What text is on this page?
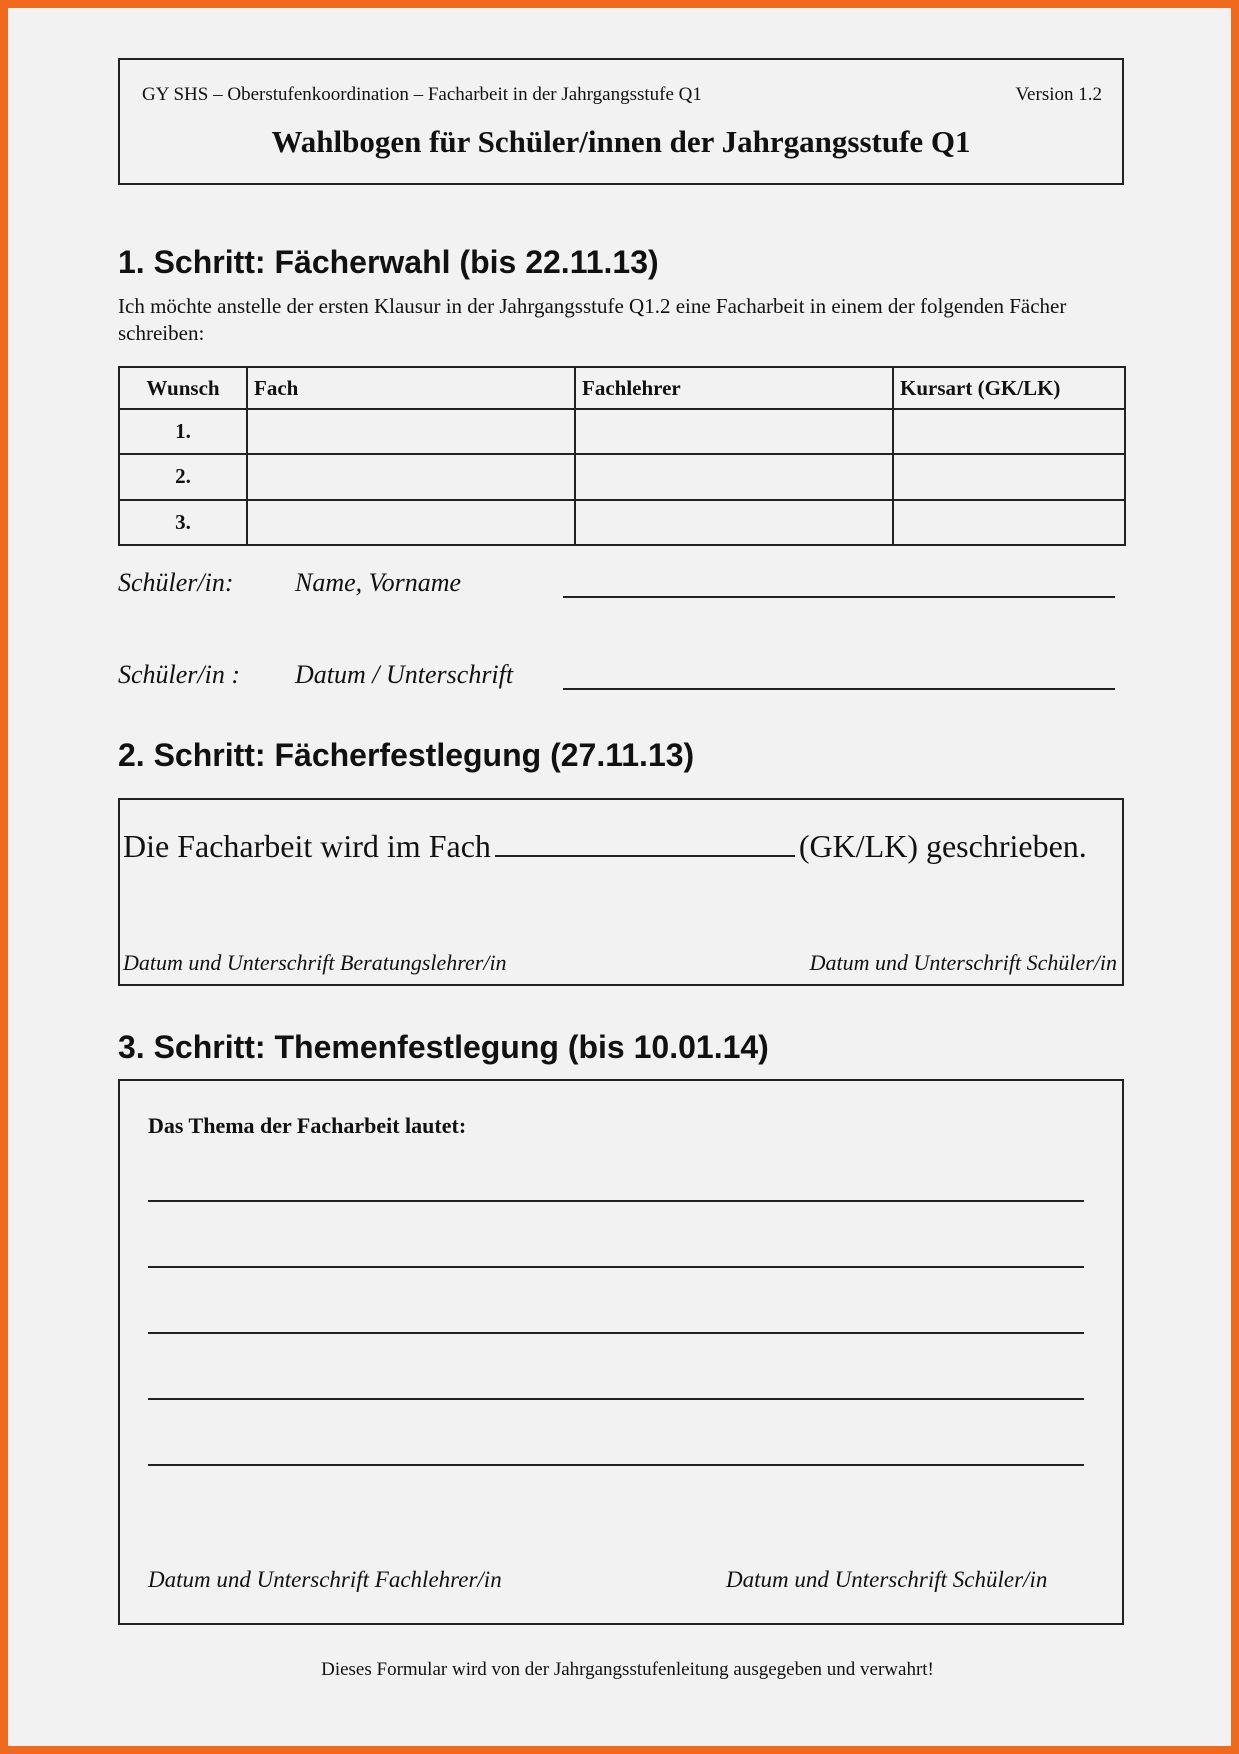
GY SHS – Oberstufenkoordination – Facharbeit in der Jahrgangsstufe Q1	Version 1.2
Wahlbogen für Schüler/innen der Jahrgangsstufe Q1
1. Schritt: Fächerwahl (bis 22.11.13)
Ich möchte anstelle der ersten Klausur in der Jahrgangsstufe Q1.2 eine Facharbeit in einem der folgenden Fächer schreiben:
Wunsch	Fach	Fachlehrer	Kursart (GK/LK)
1.			
2.			
3.			
Schüler/in: Name, Vorname
Schüler/in : Datum / Unterschrift
2. Schritt: Fächerfestlegung (27.11.13)
Die Facharbeit wird im Fach	(GK/LK) geschrieben.
Datum und Unterschrift Beratungslehrer/in	Datum und Unterschrift Schüler/in
3. Schritt: Themenfestlegung (bis 10.01.14)
Das Thema der Facharbeit lautet:
Datum und Unterschrift Fachlehrer/in	Datum und Unterschrift Schüler/in
Dieses Formular wird von der Jahrgangsstufenleitung ausgegeben und verwahrt!
